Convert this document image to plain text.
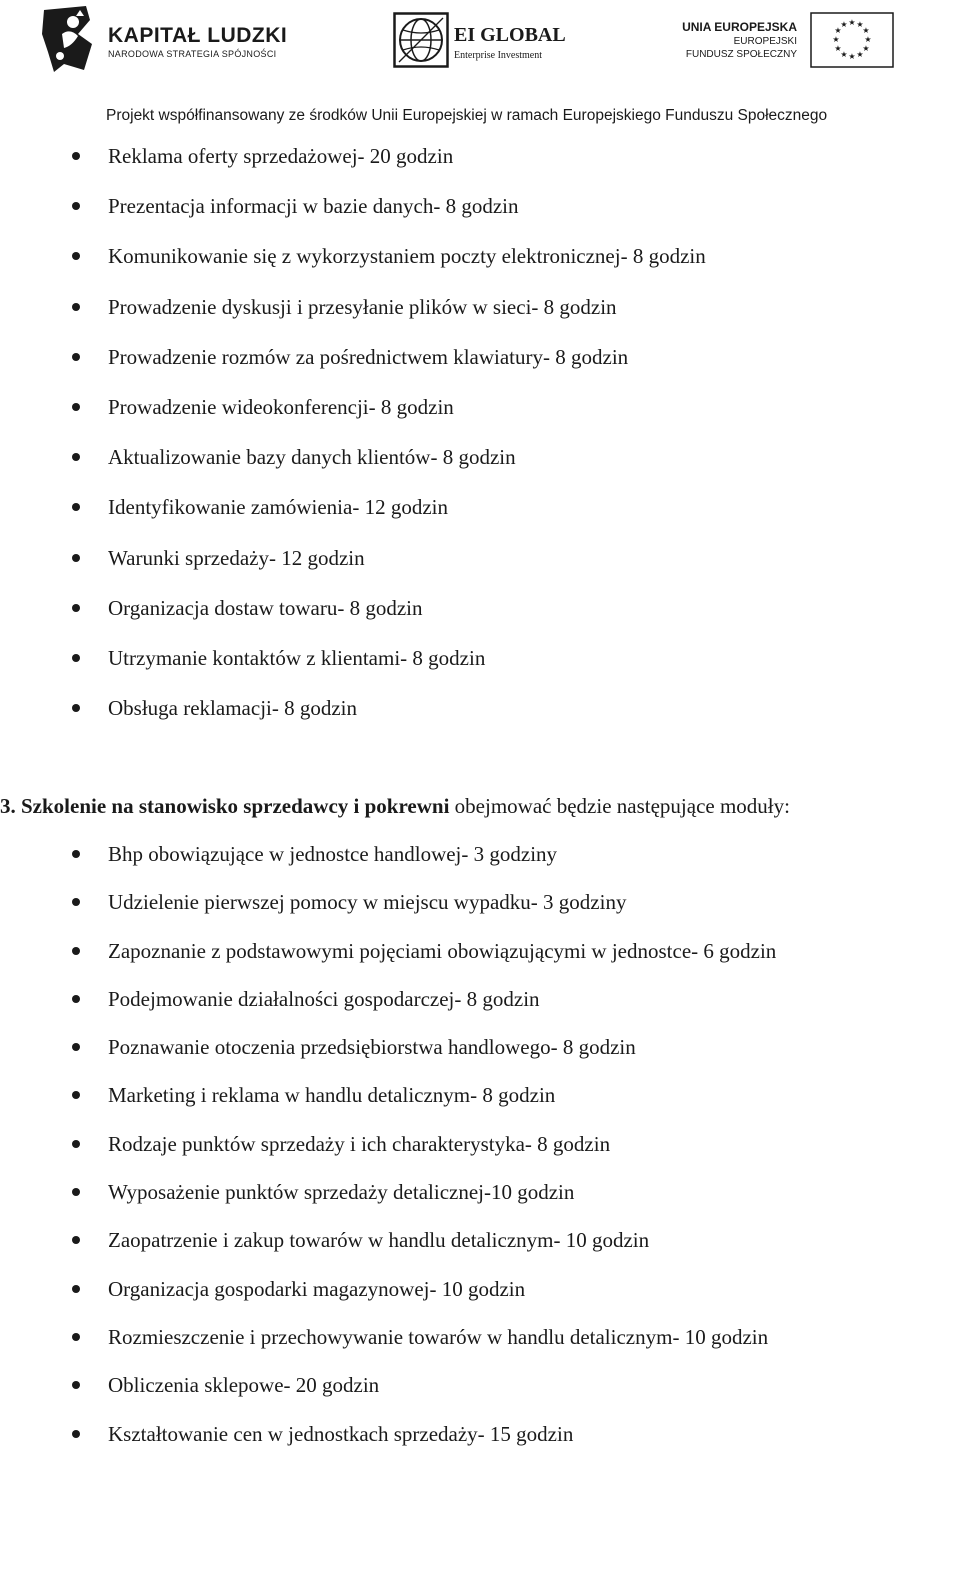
KAPITAŁ LUDZKI
NARODOWA STRATEGIA SPÓJNOŚCI
EI GLOBAL
Enterprise Investment
UNIA EUROPEJSKA
EUROPEJSKI
FUNDUSZ SPOŁECZNY
★ ★
★
★
★
★
★
★
★
★
★
★
Projekt współfinansowany ze środków Unii Europejskiej w ramach Europejskiego Funduszu Społecznego
Reklama oferty sprzedażowej- 20 godzin
Prezentacja informacji w bazie danych- 8 godzin
Komunikowanie się z wykorzystaniem poczty elektronicznej- 8 godzin
Prowadzenie dyskusji i przesyłanie plików w sieci- 8 godzin
Prowadzenie rozmów za pośrednictwem klawiatury- 8 godzin
Prowadzenie wideokonferencji- 8 godzin
Aktualizowanie bazy danych klientów- 8 godzin
Identyfikowanie zamówienia- 12 godzin
Warunki sprzedaży- 12 godzin
Organizacja dostaw towaru- 8 godzin
Utrzymanie kontaktów z klientami- 8 godzin
Obsługa reklamacji- 8 godzin
3. Szkolenie na stanowisko sprzedawcy i pokrewni obejmować będzie następujące moduły:
Bhp obowiązujące w jednostce handlowej- 3 godziny
Udzielenie pierwszej pomocy w miejscu wypadku- 3 godziny
Zapoznanie z podstawowymi pojęciami obowiązującymi w jednostce- 6 godzin
Podejmowanie działalności gospodarczej- 8 godzin
Poznawanie otoczenia przedsiębiorstwa handlowego- 8 godzin
Marketing i reklama w handlu detalicznym- 8 godzin
Rodzaje punktów sprzedaży i ich charakterystyka- 8 godzin
Wyposażenie punktów sprzedaży detalicznej-10 godzin
Zaopatrzenie i zakup towarów w handlu detalicznym- 10 godzin
Organizacja gospodarki magazynowej- 10 godzin
Rozmieszczenie i przechowywanie towarów w handlu detalicznym- 10 godzin
Obliczenia sklepowe- 20 godzin
Kształtowanie cen w jednostkach sprzedaży- 15 godzin
